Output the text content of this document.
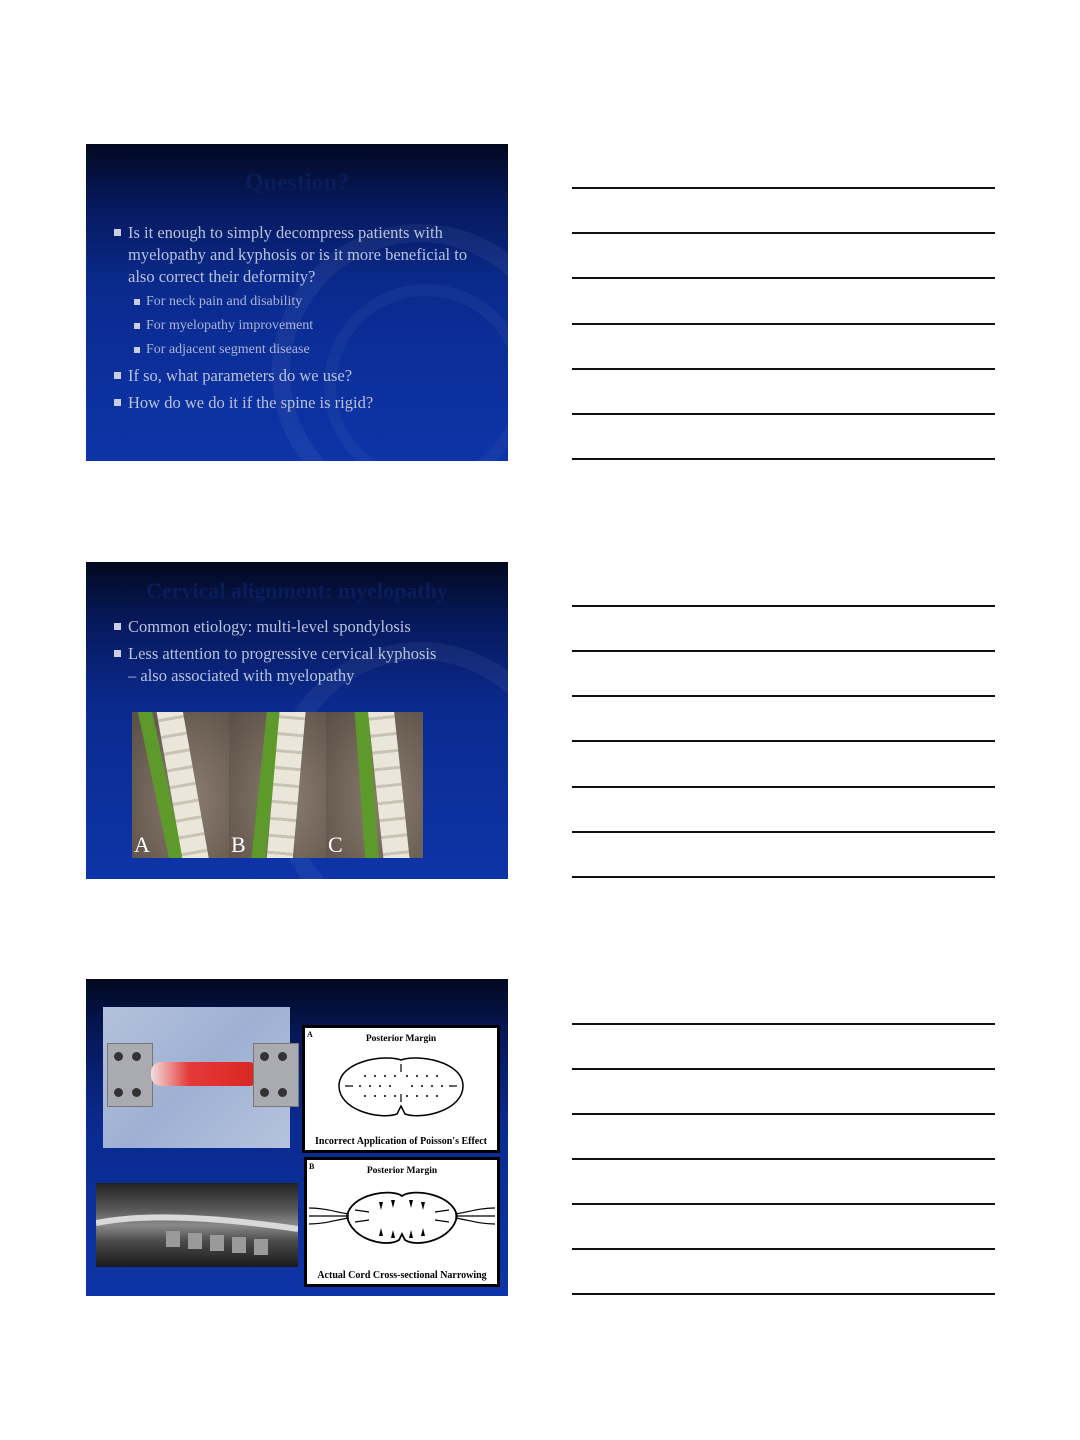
Question?
Is it enough to simply decompress patients with myelopathy and kyphosis or is it more beneficial to also correct their deformity?
For neck pain and disability
For myelopathy improvement
For adjacent segment disease
If so, what parameters do we use?
How do we do it if the spine is rigid?
Cervical alignment: myelopathy
Common etiology: multi-level spondylosis
Less attention to progressive cervical kyphosis – also associated with myelopathy
A	B	C
A	Posterior Margin
Incorrect Application of Poisson's Effect
B	Posterior Margin
Actual Cord Cross-sectional Narrowing
